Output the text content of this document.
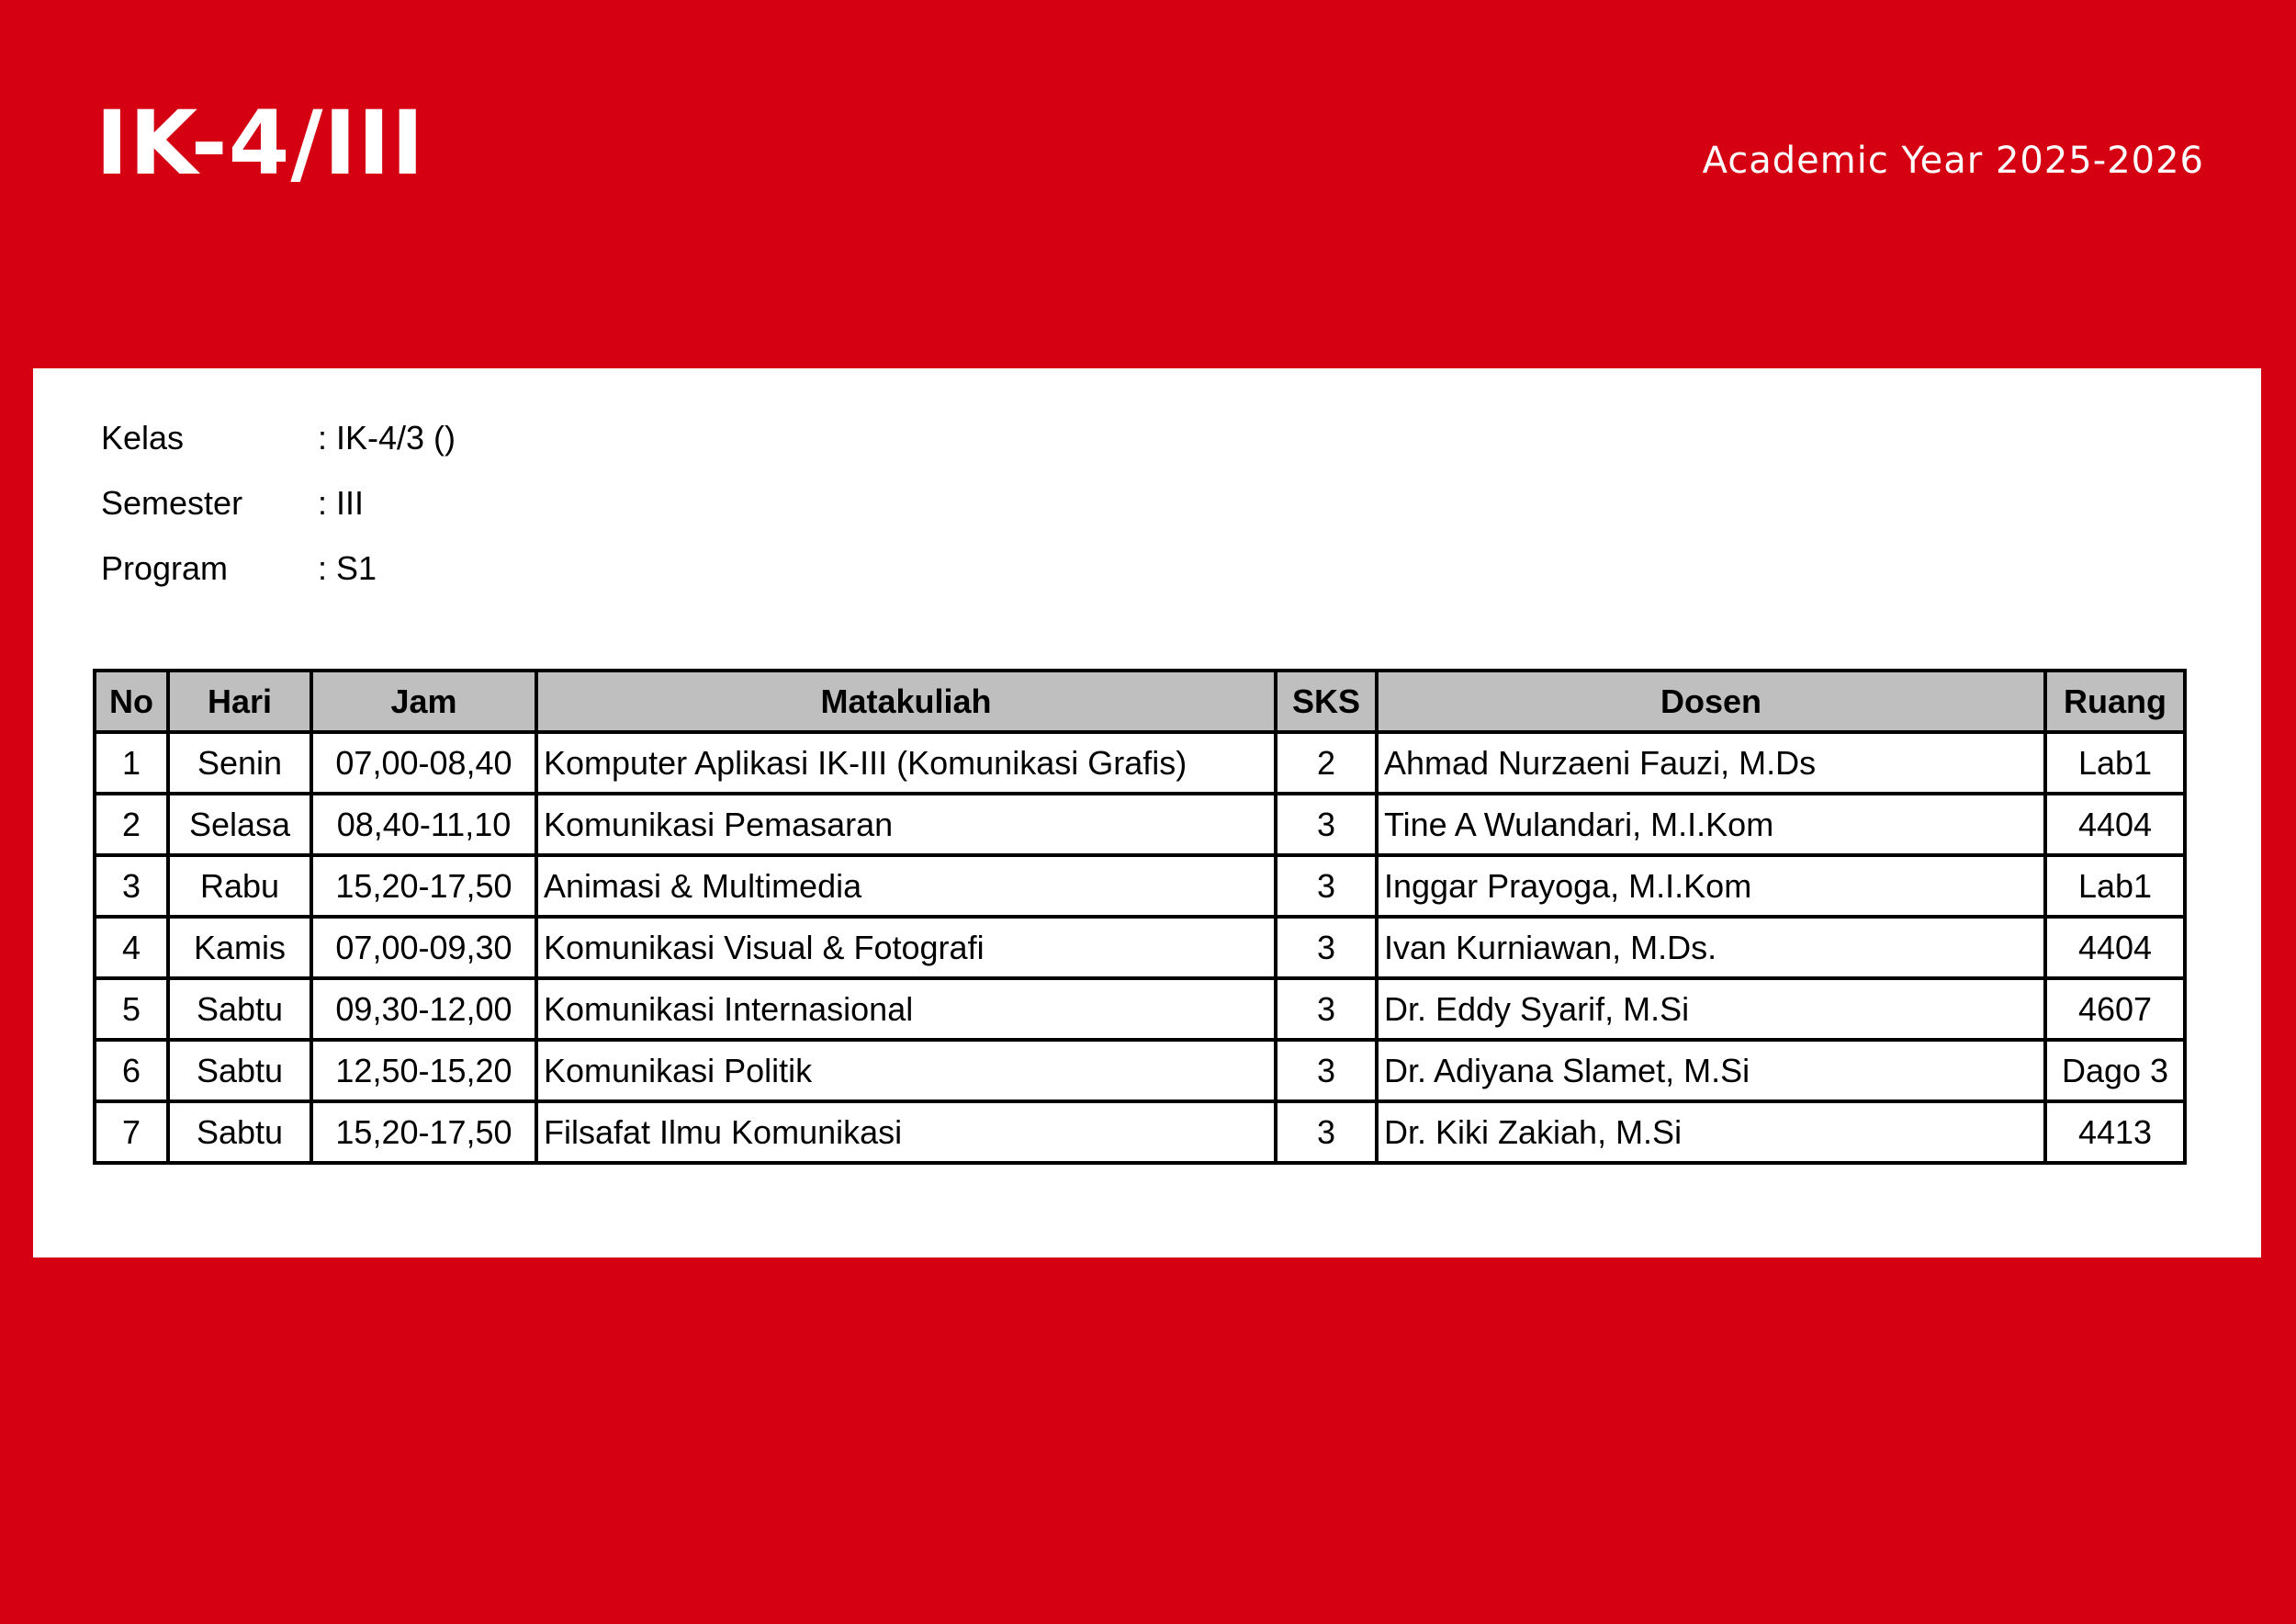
IK-4/III	Academic Year 2025-2026
Kelas	: IK-4/3 ()
Semester	: III
Program	: S1
No	Hari	Jam	Matakuliah	SKS	Dosen	Ruang
1	Senin	07,00-08,40	Komputer Aplikasi IK-III (Komunikasi Grafis)	2	Ahmad Nurzaeni Fauzi, M.Ds	Lab1
2	Selasa	08,40-11,10	Komunikasi Pemasaran	3	Tine A Wulandari, M.I.Kom	4404
3	Rabu	15,20-17,50	Animasi & Multimedia	3	Inggar Prayoga, M.I.Kom	Lab1
4	Kamis	07,00-09,30	Komunikasi Visual & Fotografi	3	Ivan Kurniawan, M.Ds.	4404
5	Sabtu	09,30-12,00	Komunikasi Internasional	3	Dr. Eddy Syarif, M.Si	4607
6	Sabtu	12,50-15,20	Komunikasi Politik	3	Dr. Adiyana Slamet, M.Si	Dago 3
7	Sabtu	15,20-17,50	Filsafat Ilmu Komunikasi	3	Dr. Kiki Zakiah, M.Si	4413
